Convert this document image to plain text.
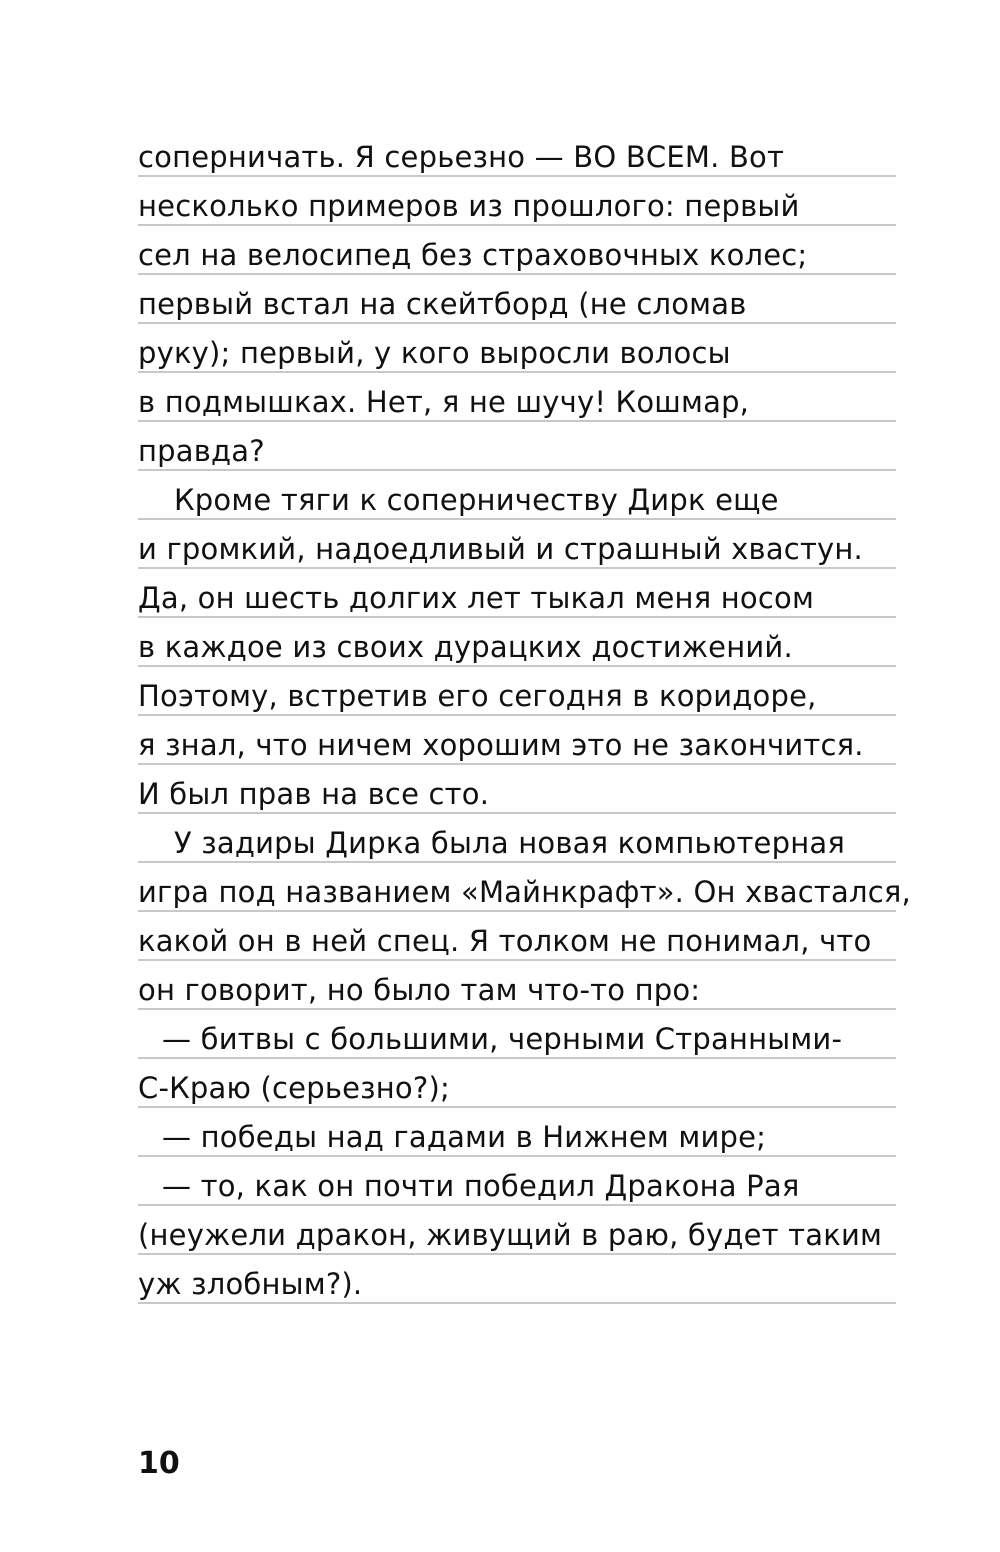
соперничать. Я серьезно — ВО ВСЕМ. Вот
несколько примеров из прошлого: первый
сел на велосипед без страховочных колес;
первый встал на скейтборд (не сломав
руку); первый, у кого выросли волосы
в подмышках. Нет, я не шучу! Кошмар,
правда?
Кроме тяги к соперничеству Дирк еще
и громкий, надоедливый и страшный хвастун.
Да, он шесть долгих лет тыкал меня носом
в каждое из своих дурацких достижений.
Поэтому, встретив его сегодня в коридоре,
я знал, что ничем хорошим это не закончится.
И был прав на все сто.
У задиры Дирка была новая компьютерная
игра под названием «Майнкрафт». Он хвастался,
какой он в ней спец. Я толком не понимал, что
он говорит, но было там что-то про:
— битвы с большими, черными Странными-
С-Краю (серьезно?);
— победы над гадами в Нижнем мире;
— то, как он почти победил Дракона Рая
(неужели дракон, живущий в раю, будет таким
уж злобным?).
10
